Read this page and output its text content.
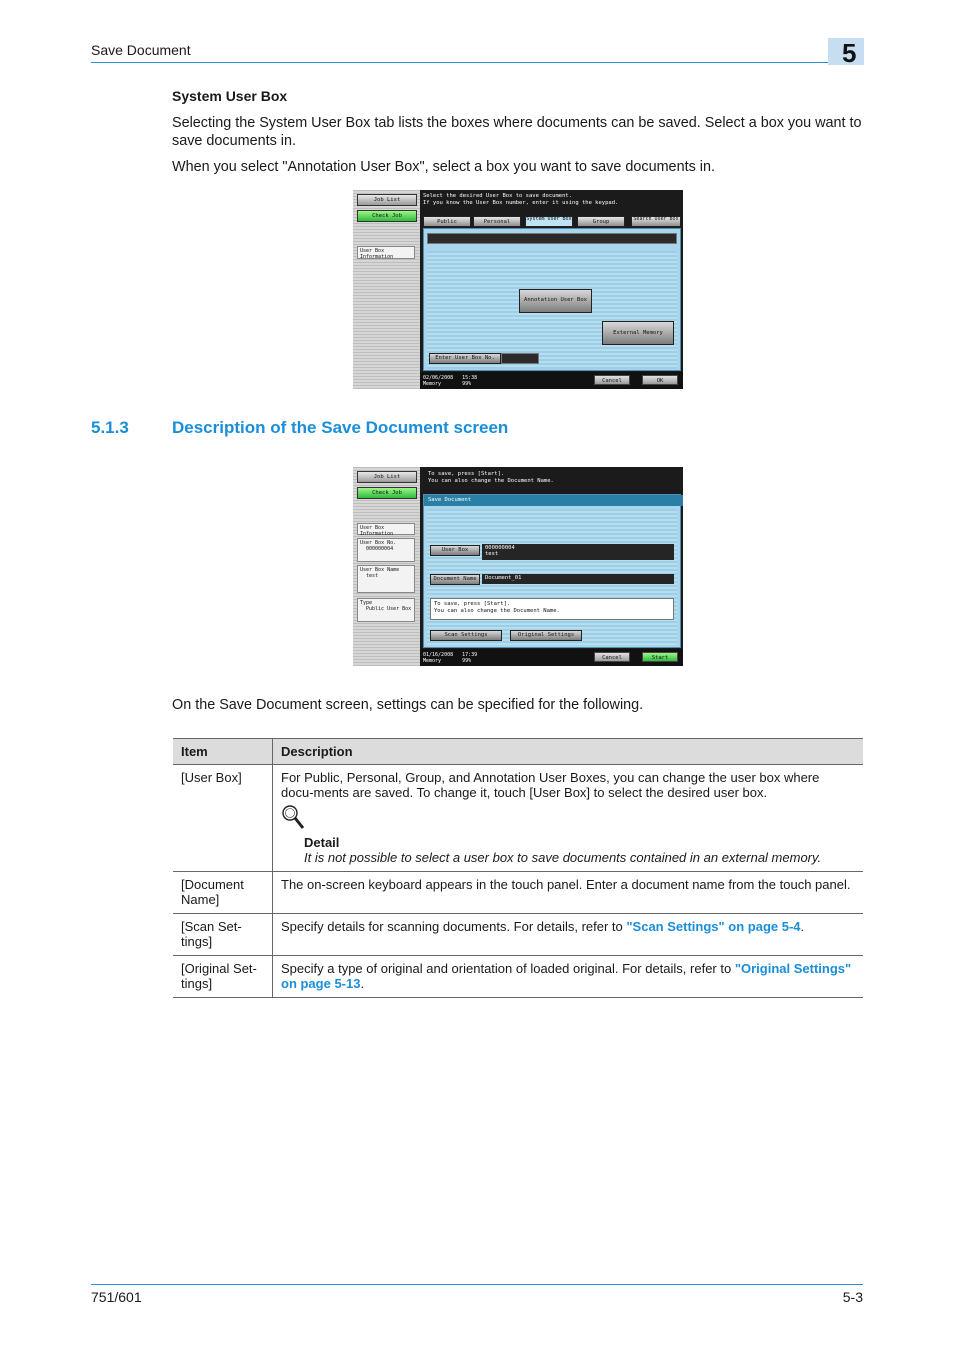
Save Document	5
System User Box
Selecting the System User Box tab lists the boxes where documents can be saved. Select a box you want to save documents in.
When you select "Annotation User Box", select a box you want to save documents in.
Job List
Check Job
User Box Information
Select the desired User Box to save document.
If you know the User Box number, enter it using the keypad.
Public	Personal	System User Box	Group	Search User Box
Annotation User Box
External Memory
Enter User Box No.
02/06/2008   15:38
Memory       99%	Cancel	OK
5.1.3	Description of the Save Document screen
Job List
Check Job
User Box Information
User Box No.
000000004
User Box Name
test
Type
Public User Box
To save, press [Start].
You can also change the Document Name.
Save Document
User Box	000000004
test
Document Name	Document_01
To save, press [Start].
You can also change the Document Name.
Scan Settings	Original Settings
01/16/2008   17:39
Memory       99%	Cancel	Start
On the Save Document screen, settings can be specified for the following.
Item	Description
[User Box]	For Public, Personal, Group, and Annotation User Boxes, you can change the user box where docu-ments are saved. To change it, touch [User Box] to select the desired user box.
Detail
It is not possible to select a user box to save documents contained in an external memory.

[Document Name]	The on-screen keyboard appears in the touch panel. Enter a document name from the touch panel.
[Scan Set-tings]	Specify details for scanning documents. For details, refer to "Scan Settings" on page 5-4.
[Original Set-tings]	Specify a type of original and orientation of loaded original. For details, refer to "Original Settings" on page 5-13.
751/601	5-3
